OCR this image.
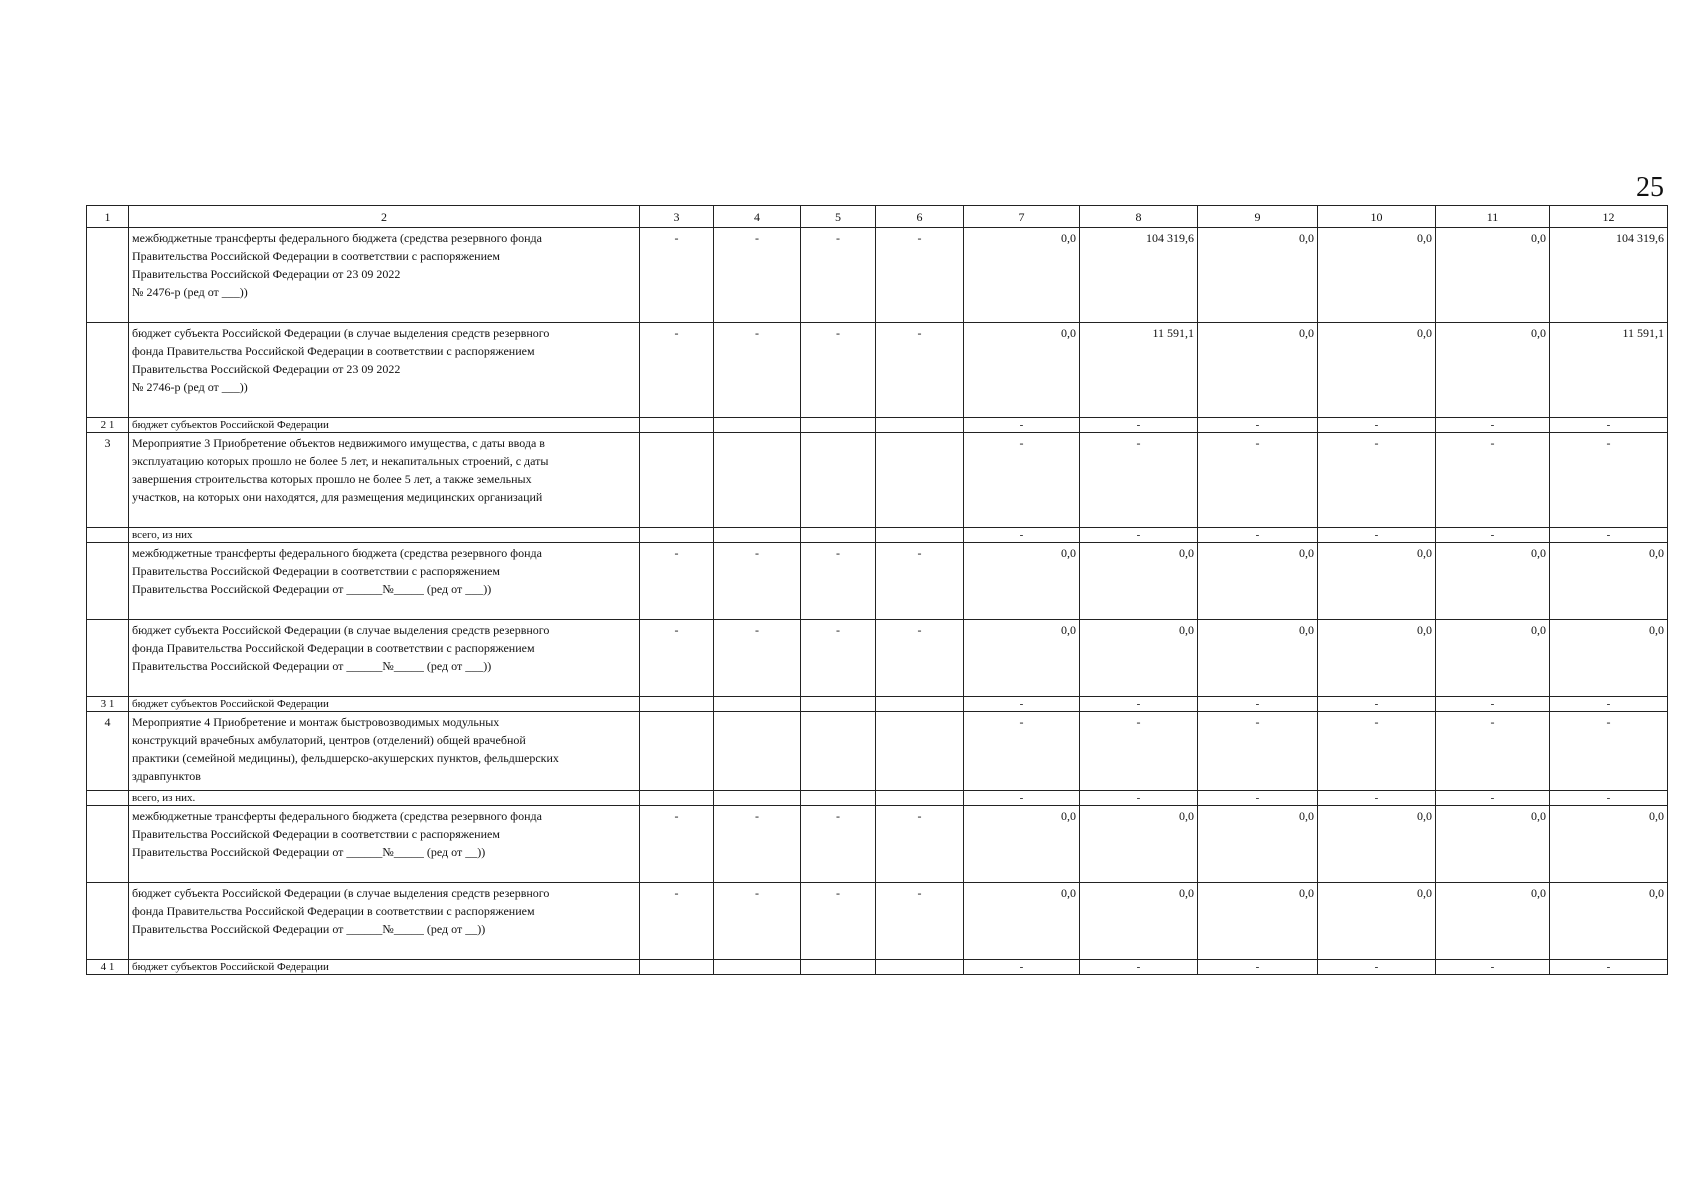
25
1	2	3	4	5	6	7	8	9	10	11	12
	межбюджетные трансферты федерального бюджета (средства резервного фонда
Правительства Российской Федерации в соответствии с распоряжением
Правительства Российской Федерации от 23 09 2022
№ 2476-р (ред от ___))	-	-	-	-	0,0	104 319,6	0,0	0,0	0,0	104 319,6
	бюджет субъекта Российской Федерации (в случае выделения средств резервного
фонда Правительства Российской Федерации в соответствии с распоряжением
Правительства Российской Федерации от 23 09 2022
№ 2746-р (ред от ___))	-	-	-	-	0,0	11 591,1	0,0	0,0	0,0	11 591,1
2 1	бюджет субъектов Российской Федерации					-	-	-	-	-	-
3	Мероприятие 3 Приобретение объектов недвижимого имущества, с даты ввода в
эксплуатацию которых прошло не более 5 лет, и некапитальных строений, с даты
завершения строительства которых прошло не более 5 лет, а также земельных
участков, на которых они находятся, для размещения медицинских организаций					-	-	-	-	-	-
	всего, из них					-	-	-	-	-	-
	межбюджетные трансферты федерального бюджета (средства резервного фонда
Правительства Российской Федерации в соответствии с распоряжением
Правительства Российской Федерации от ______№_____ (ред от ___))	-	-	-	-	0,0	0,0	0,0	0,0	0,0	0,0
	бюджет субъекта Российской Федерации (в случае выделения средств резервного
фонда Правительства Российской Федерации в соответствии с распоряжением
Правительства Российской Федерации от ______№_____ (ред от ___))	-	-	-	-	0,0	0,0	0,0	0,0	0,0	0,0
3 1	бюджет субъектов Российской Федерации					-	-	-	-	-	-
4	Мероприятие 4 Приобретение и монтаж быстровозводимых модульных
конструкций врачебных амбулаторий, центров (отделений) общей врачебной
практики (семейной медицины), фельдшерско-акушерских пунктов, фельдшерских
здравпунктов					-	-	-	-	-	-
	всего, из них.					-	-	-	-	-	-
	межбюджетные трансферты федерального бюджета (средства резервного фонда
Правительства Российской Федерации в соответствии с распоряжением
Правительства Российской Федерации от ______№_____ (ред от __))	-	-	-	-	0,0	0,0	0,0	0,0	0,0	0,0
	бюджет субъекта Российской Федерации (в случае выделения средств резервного
фонда Правительства Российской Федерации в соответствии с распоряжением
Правительства Российской Федерации от ______№_____ (ред от __))	-	-	-	-	0,0	0,0	0,0	0,0	0,0	0,0
4 1	бюджет субъектов Российской Федерации					-	-	-	-	-	-
